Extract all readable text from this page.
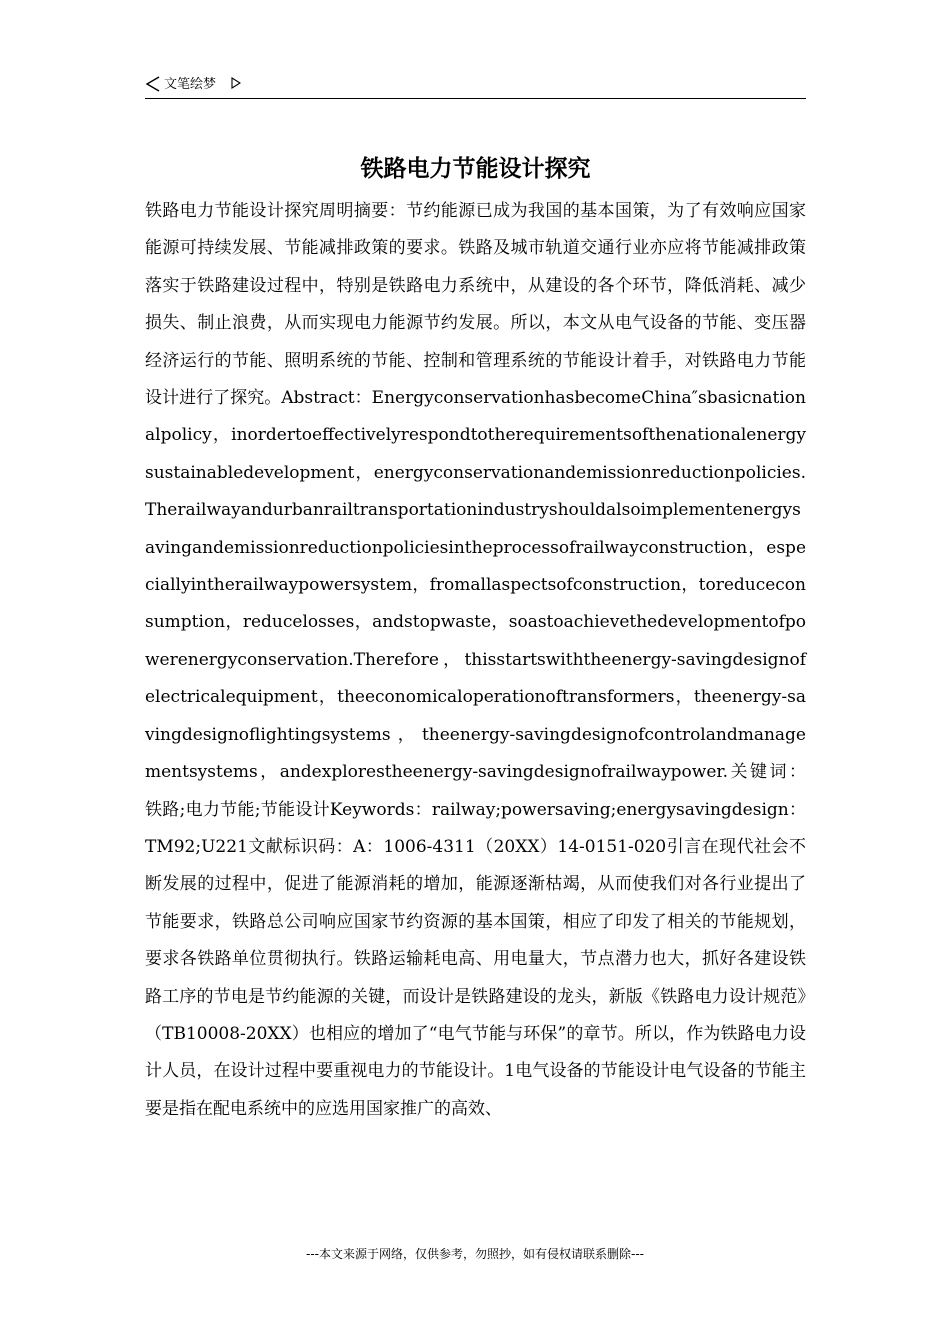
文笔绘梦
铁路电力节能设计探究

铁路电力节能设计探究周明摘要：节约能源已成为我国的基本国策，为了有效响应国家能源可持续发展、节能减排政策的要求。铁路及城市轨道交通行业亦应将节能减排政策落实于铁路建设过程中，特别是铁路电力系统中，从建设的各个环节，降低消耗、减少损失、制止浪费，从而实现电力能源节约发展。所以，本文从电气设备的节能、变压器经济运行的节能、照明系统的节能、控制和管理系统的节能设计着手，对铁路电力节能设计进行了探究。Abstract：EnergyconservationhasbecomeChina″sbasicnationalpolicy，inordertoeffectivelyrespondtotherequirementsofthenationalenergysustainabledevelopment，energyconservationandemissionreductionpolicies.Therailwayandurbanrailtransportationindustryshouldalsoimplementenergysavingandemissionreductionpoliciesintheprocessofrailwayconstruction，especiallyintherailwaypowersystem，fromallaspectsofconstruction，toreduceconsumption，reducelosses，andstopwaste，soastoachievethedevelopmentofpowerenergyconservation.Therefore，thisstartswiththeenergy-savingdesignofelectricalequipment，theeconomicaloperationoftransformers，theenergy-savingdesignoflightingsystems，theenergy-savingdesignofcontrolandmanagementsystems，andexplorestheenergy-savingdesignofrailwaypower.关键词：铁路;电力节能;节能设计Keywords：railway;powersaving;energysavingdesign：TM92;U221文献标识码：A：1006-4311（20XX）14-0151-020引言在现代社会不断发展的过程中，促进了能源消耗的增加，能源逐渐枯竭，从而使我们对各行业提出了节能要求，铁路总公司响应国家节约资源的基本国策，相应了印发了相关的节能规划，要求各铁路单位贯彻执行。铁路运输耗电高、用电量大，节点潜力也大，抓好各建设铁路工序的节电是节约能源的关键，而设计是铁路建设的龙头，新版《铁路电力设计规范》（TB10008-20XX）也相应的增加了“电气节能与环保”的章节。所以，作为铁路电力设计人员，在设计过程中要重视电力的节能设计。1电气设备的节能设计电气设备的节能主要是指在配电系统中的应选用国家推广的高效、

---本文来源于网络，仅供参考，勿照抄，如有侵权请联系删除---
